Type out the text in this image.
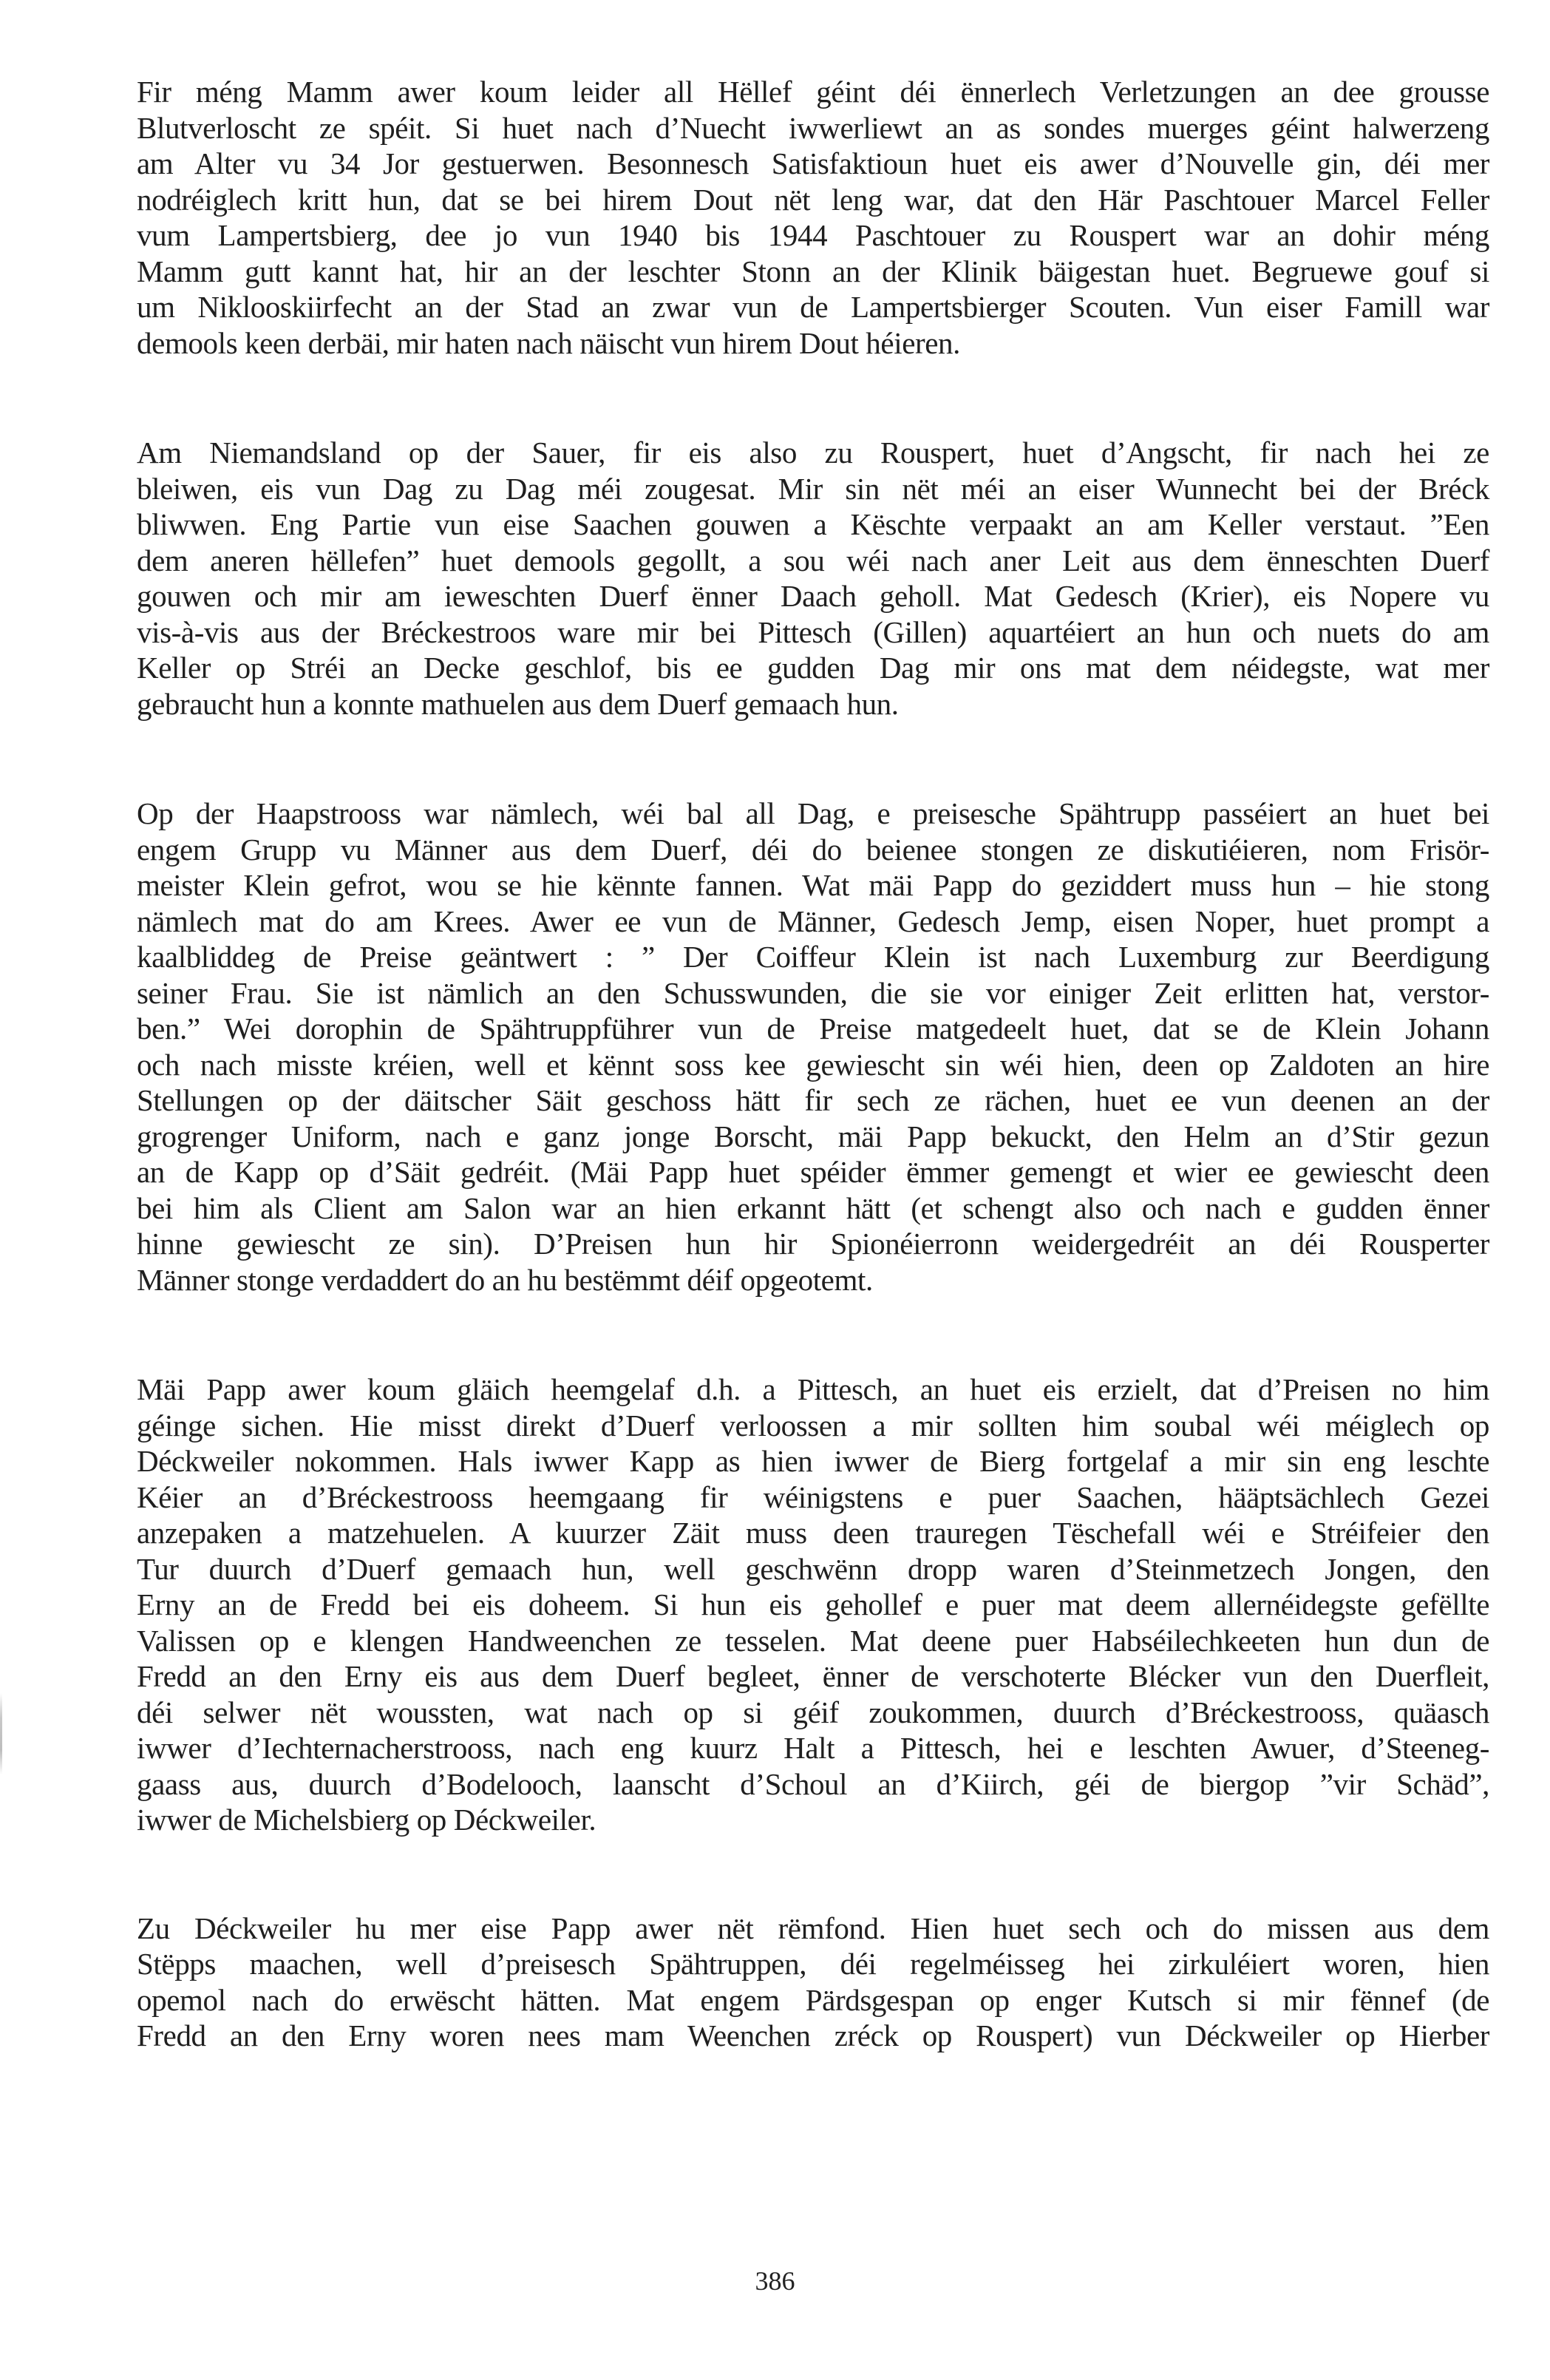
Fir méng Mamm awer koum leider all Hëllef géint déi ënnerlech Verletzungen an dee grousse
Blutverloscht ze spéit. Si huet nach d’Nuecht iwwerliewt an as sondes muerges géint halwerzeng
am Alter vu 34 Jor gestuerwen. Besonnesch Satisfaktioun huet eis awer d’Nouvelle gin, déi mer
nodréiglech kritt hun, dat se bei hirem Dout nët leng war, dat den Här Paschtouer Marcel Feller
vum Lampertsbierg, dee jo vun 1940 bis 1944 Paschtouer zu Rouspert war an dohir méng
Mamm gutt kannt hat, hir an der leschter Stonn an der Klinik bäigestan huet. Begruewe gouf si
um Niklooskiirfecht an der Stad an zwar vun de Lampertsbierger Scouten. Vun eiser Famill war
demools keen derbäi, mir haten nach näischt vun hirem Dout héieren.
Am Niemandsland op der Sauer, fir eis also zu Rouspert, huet d’Angscht, fir nach hei ze
bleiwen, eis vun Dag zu Dag méi zougesat. Mir sin nët méi an eiser Wunnecht bei der Bréck
bliwwen. Eng Partie vun eise Saachen gouwen a Këschte verpaakt an am Keller verstaut. ”Een
dem aneren hëllefen” huet demools gegollt, a sou wéi nach aner Leit aus dem ënneschten Duerf
gouwen och mir am ieweschten Duerf ënner Daach geholl. Mat Gedesch (Krier), eis Nopere vu
vis-à-vis aus der Bréckestroos ware mir bei Pittesch (Gillen) aquartéiert an hun och nuets do am
Keller op Stréi an Decke geschlof, bis ee gudden Dag mir ons mat dem néidegste, wat mer
gebraucht hun a konnte mathuelen aus dem Duerf gemaach hun.
Op der Haapstrooss war nämlech, wéi bal all Dag, e preisesche Spähtrupp passéiert an huet bei
engem Grupp vu Männer aus dem Duerf, déi do beienee stongen ze diskutiéieren, nom Frisör-
meister Klein gefrot, wou se hie kënnte fannen. Wat mäi Papp do geziddert muss hun – hie stong
nämlech mat do am Krees. Awer ee vun de Männer, Gedesch Jemp, eisen Noper, huet prompt a
kaalbliddeg de Preise geäntwert : ” Der Coiffeur Klein ist nach Luxemburg zur Beerdigung
seiner Frau. Sie ist nämlich an den Schusswunden, die sie vor einiger Zeit erlitten hat, verstor-
ben.” Wei dorophin de Spähtruppführer vun de Preise matgedeelt huet, dat se de Klein Johann
och nach misste kréien, well et kënnt soss kee gewiescht sin wéi hien, deen op Zaldoten an hire
Stellungen op der däitscher Säit geschoss hätt fir sech ze rächen, huet ee vun deenen an der
grogrenger Uniform, nach e ganz jonge Borscht, mäi Papp bekuckt, den Helm an d’Stir gezun
an de Kapp op d’Säit gedréit. (Mäi Papp huet spéider ëmmer gemengt et wier ee gewiescht deen
bei him als Client am Salon war an hien erkannt hätt (et schengt also och nach e gudden ënner
hinne gewiescht ze sin). D’Preisen hun hir Spionéierronn weidergedréit an déi Rousperter
Männer stonge verdaddert do an hu bestëmmt déif opgeotemt.
Mäi Papp awer koum gläich heemgelaf d.h. a Pittesch, an huet eis erzielt, dat d’Preisen no him
géinge sichen. Hie misst direkt d’Duerf verloossen a mir sollten him soubal wéi méiglech op
Déckweiler nokommen. Hals iwwer Kapp as hien iwwer de Bierg fortgelaf a mir sin eng leschte
Kéier an d’Bréckestrooss heemgaang fir wéinigstens e puer Saachen, hääptsächlech Gezei
anzepaken a matzehuelen. A kuurzer Zäit muss deen trauregen Tëschefall wéi e Stréifeier den
Tur duurch d’Duerf gemaach hun, well geschwënn dropp waren d’Steinmetzech Jongen, den
Erny an de Fredd bei eis doheem. Si hun eis gehollef e puer mat deem allernéidegste gefëllte
Valissen op e klengen Handweenchen ze tesselen. Mat deene puer Habséilechkeeten hun dun de
Fredd an den Erny eis aus dem Duerf begleet, ënner de verschoterte Blécker vun den Duerfleit,
déi selwer nët woussten, wat nach op si géif zoukommen, duurch d’Bréckestrooss, quäasch
iwwer d’Iechternacherstrooss, nach eng kuurz Halt a Pittesch, hei e leschten Awuer, d’Steeneg-
gaass aus, duurch d’Bodelooch, laanscht d’Schoul an d’Kiirch, géi de biergop ”vir Schäd”,
iwwer de Michelsbierg op Déckweiler.
Zu Déckweiler hu mer eise Papp awer nët rëmfond. Hien huet sech och do missen aus dem
Stëpps maachen, well d’preisesch Spähtruppen, déi regelméisseg hei zirkuléiert woren, hien
opemol nach do erwëscht hätten. Mat engem Pärdsgespan op enger Kutsch si mir fënnef (de
Fredd an den Erny woren nees mam Weenchen zréck op Rouspert) vun Déckweiler op Hierber
386
